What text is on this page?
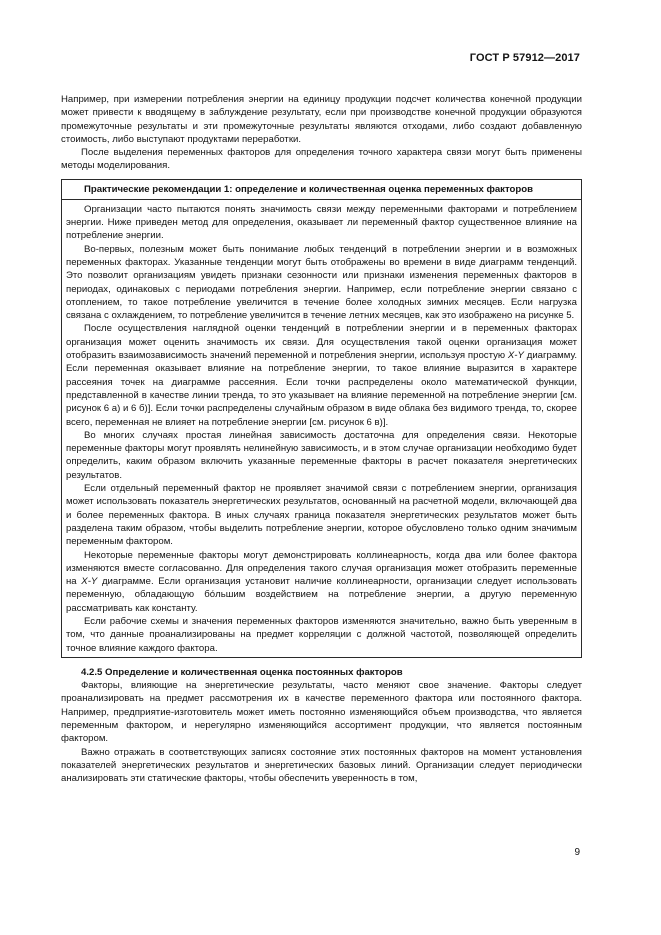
ГОСТ Р 57912—2017

Например, при измерении потребления энергии на единицу продукции подсчет количества конечной продукции может привести к вводящему в заблуждение результату, если при производстве конечной продукции образуются промежуточные результаты и эти промежуточные результаты являются отходами, либо создают добавленную стоимость, либо выступают продуктами переработки.

После выделения переменных факторов для определения точного характера связи могут быть применены методы моделирования.

Практические рекомендации 1: определение и количественная оценка переменных факторов

Организации часто пытаются понять значимость связи между переменными факторами и потреблением энергии. Ниже приведен метод для определения, оказывает ли переменный фактор существенное влияние на потребление энергии.

Во-первых, полезным может быть понимание любых тенденций в потреблении энергии и в возможных переменных факторах. Указанные тенденции могут быть отображены во времени в виде диаграмм тенденций. Это позволит организациям увидеть признаки сезонности или признаки изменения переменных факторов в периодах, одинаковых с периодами потребления энергии. Например, если потребление энергии связано с отоплением, то такое потребление увеличится в течение более холодных зимних месяцев. Если нагрузка связана с охлаждением, то потребление увеличится в течение летних месяцев, как это изображено на рисунке 5.

После осуществления наглядной оценки тенденций в потреблении энергии и в переменных факторах организация может оценить значимость их связи. Для осуществления такой оценки организация может отобразить взаимозависимость значений переменной и потребления энергии, используя простую X-Y диаграмму. Если переменная оказывает влияние на потребление энергии, то такое влияние выразится в характере рассеяния точек на диаграмме рассеяния. Если точки распределены около математической функции, представленной в качестве линии тренда, то это указывает на влияние переменной на потребление энергии [см. рисунок 6 а) и 6 б)]. Если точки распределены случайным образом в виде облака без видимого тренда, то, скорее всего, переменная не влияет на потребление энергии [см. рисунок 6 в)].

Во многих случаях простая линейная зависимость достаточна для определения связи. Некоторые переменные факторы могут проявлять нелинейную зависимость, и в этом случае организации необходимо будет определить, каким образом включить указанные переменные факторы в расчет показателя энергетических результатов.

Если отдельный переменный фактор не проявляет значимой связи с потреблением энергии, организация может использовать показатель энергетических результатов, основанный на расчетной модели, включающей два и более переменных фактора. В иных случаях граница показателя энергетических результатов может быть разделена таким образом, чтобы выделить потребление энергии, которое обусловлено только одним значимым переменным фактором.

Некоторые переменные факторы могут демонстрировать коллинеарность, когда два или более фактора изменяются вместе согласованно. Для определения такого случая организация может отобразить переменные на X-Y диаграмме. Если организация установит наличие коллинеарности, организации следует использовать переменную, обладающую бо́льшим воздействием на потребление энергии, а другую переменную рассматривать как константу.

Если рабочие схемы и значения переменных факторов изменяются значительно, важно быть уверенным в том, что данные проанализированы на предмет корреляции с должной частотой, позволяющей определить точное влияние каждого фактора.

4.2.5 Определение и количественная оценка постоянных факторов

Факторы, влияющие на энергетические результаты, часто меняют свое значение. Факторы следует проанализировать на предмет рассмотрения их в качестве переменного фактора или постоянного фактора. Например, предприятие-изготовитель может иметь постоянно изменяющийся объем производства, что является переменным фактором, и нерегулярно изменяющийся ассортимент продукции, что является постоянным фактором.

Важно отражать в соответствующих записях состояние этих постоянных факторов на момент установления показателей энергетических результатов и энергетических базовых линий. Организации следует периодически анализировать эти статические факторы, чтобы обеспечить уверенность в том,

9
